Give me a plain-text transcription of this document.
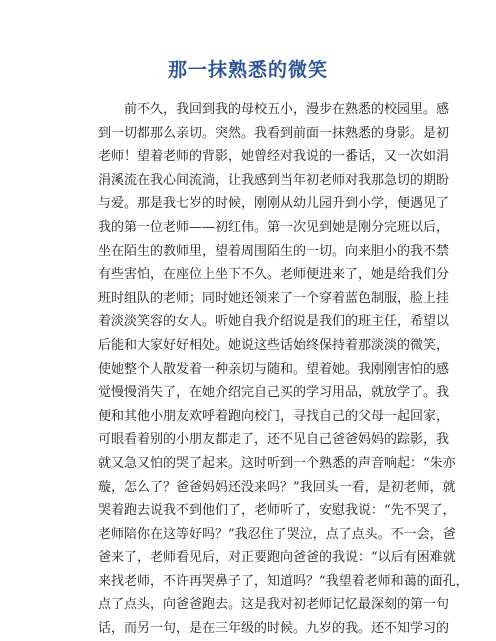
那一抹熟悉的微笑
前不久，我回到我的母校五小，漫步在熟悉的校园里。感
到一切都那么亲切。突然。我看到前面一抹熟悉的身影。是初
老师！望着老师的背影，她曾经对我说的一番话，又一次如涓
涓溪流在我心间流淌，让我感到当年初老师对我那急切的期盼
与爱。那是我七岁的时候，刚刚从幼儿园升到小学，便遇见了
我的第一位老师——初红伟。第一次见到她是刚分完班以后，
坐在陌生的教师里，望着周围陌生的一切。向来胆小的我不禁
有些害怕，在座位上坐下不久。老师便进来了，她是给我们分
班时组队的老师；同时她还领来了一个穿着蓝色制服，脸上挂
着淡淡笑容的女人。听她自我介绍说是我们的班主任，希望以
后能和大家好好相处。她说这些话始终保持着那淡淡的微笑，
使她整个人散发着一种亲切与随和。望着她。我刚刚害怕的感
觉慢慢消失了，在她介绍完自己买的学习用品，就放学了。我
便和其他小朋友欢呼着跑向校门，寻找自己的父母一起回家，
可眼看着别的小朋友都走了，还不见自己爸爸妈妈的踪影，我
就又急又怕的哭了起来。这时听到一个熟悉的声音响起：“朱亦
璇，怎么了？爸爸妈妈还没来吗？”我回头一看，是初老师，就
哭着跑去说我不到他们了，老师听了，安慰我说：“先不哭了，
老师陪你在这等好吗？”我忍住了哭泣，点了点头。不一会，爸
爸来了，老师看见后，对正要跑向爸爸的我说：“以后有困难就
来找老师，不许再哭鼻子了，知道吗？”我望着老师和蔼的面孔，
点了点头，向爸爸跑去。这是我对初老师记忆最深刻的第一句
话，而另一句，是在三年级的时候。九岁的我。还不知学习的
